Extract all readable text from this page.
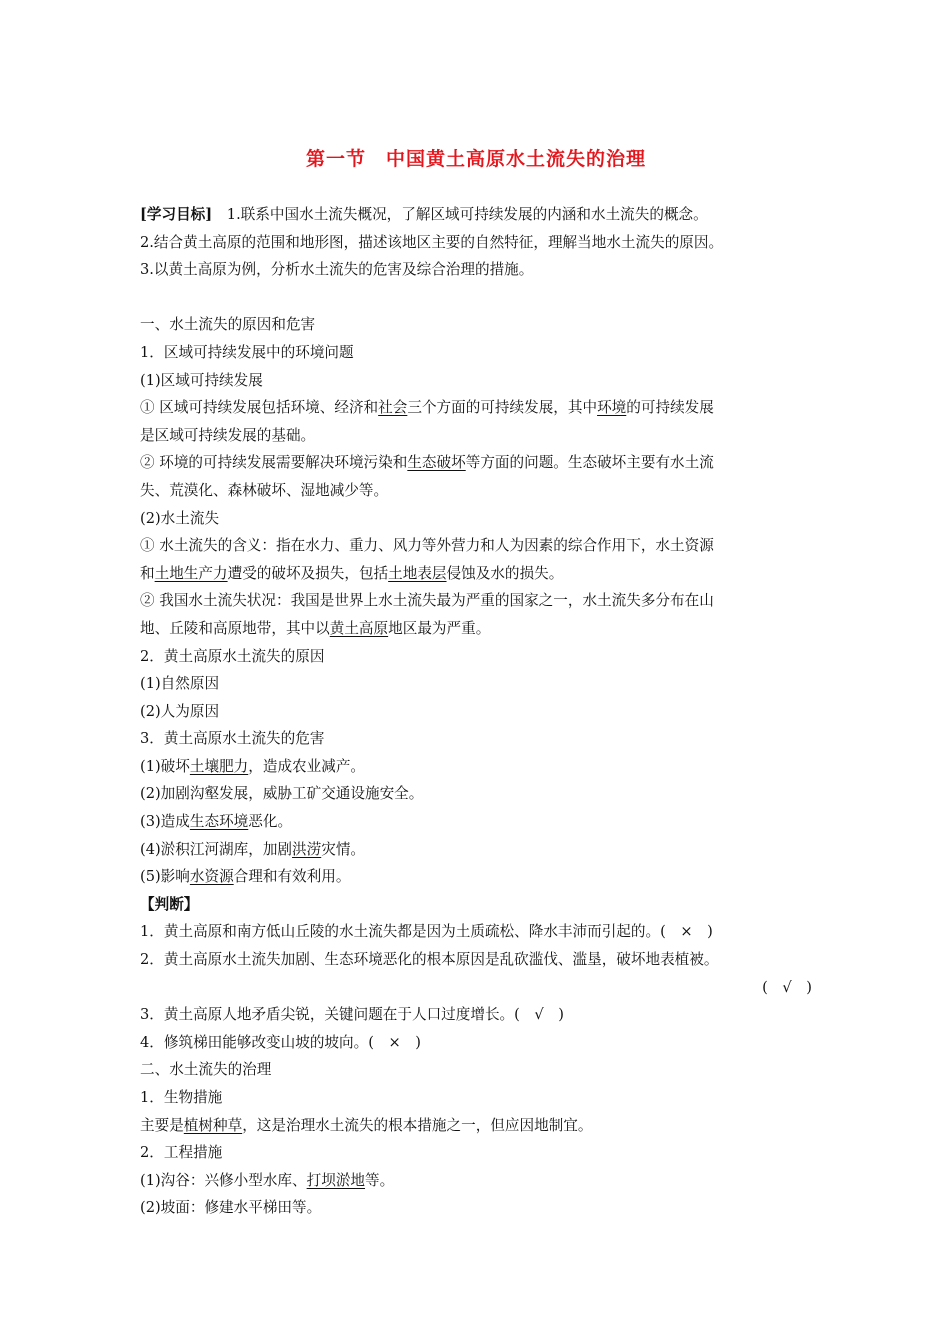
第一节　中国黄土高原水土流失的治理

[学习目标]　 1.联系中国水土流失概况，了解区域可持续发展的内涵和水土流失的概念。

2.结合黄土高原的范围和地形图，描述该地区主要的自然特征，理解当地水土流失的原因。

3.以黄土高原为例，分析水土流失的危害及综合治理的措施。

一、水土流失的原因和危害

1．区域可持续发展中的环境问题

(1)区域可持续发展

① 区域可持续发展包括环境、经济和社会三个方面的可持续发展，其中环境的可持续发展

是区域可持续发展的基础。

② 环境的可持续发展需要解决环境污染和生态破坏等方面的问题。生态破坏主要有水土流

失、荒漠化、森林破坏、湿地减少等。

(2)水土流失

① 水土流失的含义：指在水力、重力、风力等外营力和人为因素的综合作用下，水土资源

和土地生产力遭受的破坏及损失，包括土地表层侵蚀及水的损失。

② 我国水土流失状况：我国是世界上水土流失最为严重的国家之一，水土流失多分布在山

地、丘陵和高原地带，其中以黄土高原地区最为严重。

2．黄土高原水土流失的原因

(1)自然原因

(2)人为原因

3．黄土高原水土流失的危害

(1)破坏土壤肥力，造成农业减产。

(2)加剧沟壑发展，威胁工矿交通设施安全。

(3)造成生态环境恶化。

(4)淤积江河湖库，加剧洪涝灾情。

(5)影响水资源合理和有效利用。

【判断】

1．黄土高原和南方低山丘陵的水土流失都是因为土质疏松、降水丰沛而引起的。(　×　)

2．黄土高原水土流失加剧、生态环境恶化的根本原因是乱砍滥伐、滥垦，破坏地表植被。

(　√　)

3．黄土高原人地矛盾尖锐，关键问题在于人口过度增长。(　√　)

4．修筑梯田能够改变山坡的坡向。(　×　)

二、水土流失的治理

1．生物措施

主要是植树种草，这是治理水土流失的根本措施之一，但应因地制宜。

2．工程措施

(1)沟谷：兴修小型水库、打坝淤地等。

(2)坡面：修建水平梯田等。
